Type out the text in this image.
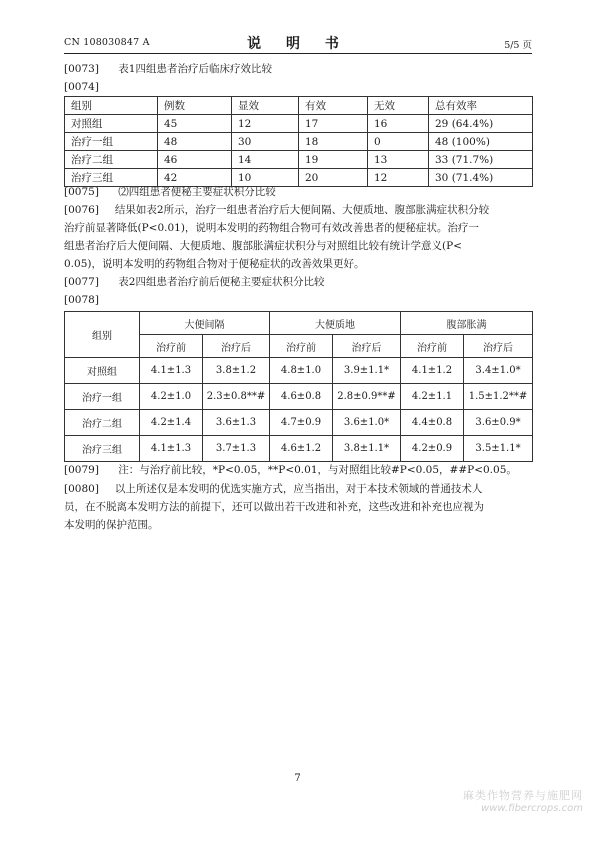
CN 108030847 A	说 明 书	5/5 页
[0073] 表1四组患者治疗后临床疗效比较
[0074]
组别	例数	显效	有效	无效	总有效率
对照组	45	12	17	16	29 (64.4%)
治疗一组	48	30	18	0	48 (100%)
治疗二组	46	14	19	13	33 (71.7%)
治疗三组	42	10	20	12	30 (71.4%)
[0075] ⑵四组患者便秘主要症状积分比较
[0076] 结果如表2所示，治疗一组患者治疗后大便间隔、大便质地、腹部胀满症状积分较
治疗前显著降低(P<0.01)，说明本发明的药物组合物可有效改善患者的便秘症状。治疗一
组患者治疗后大便间隔、大便质地、腹部胀满症状积分与对照组比较有统计学意义(P<
0.05)，说明本发明的药物组合物对于便秘症状的改善效果更好。
[0077] 表2四组患者治疗前后便秘主要症状积分比较
[0078]
组别	大便间隔		大便质地		腹部胀满	
	治疗前	治疗后	治疗前	治疗后	治疗前	治疗后
对照组	4.1±1.3	3.8±1.2	4.8±1.0	3.9±1.1*	4.1±1.2	3.4±1.0*
治疗一组	4.2±1.0	2.3±0.8**#	4.6±0.8	2.8±0.9**#	4.2±1.1	1.5±1.2**#
治疗二组	4.2±1.4	3.6±1.3	4.7±0.9	3.6±1.0*	4.4±0.8	3.6±0.9*
治疗三组	4.1±1.3	3.7±1.3	4.6±1.2	3.8±1.1*	4.2±0.9	3.5±1.1*
[0079] 注：与治疗前比较，*P<0.05，**P<0.01，与对照组比较#P<0.05，##P<0.05。
[0080] 以上所述仅是本发明的优选实施方式，应当指出，对于本技术领域的普通技术人
员，在不脱离本发明方法的前提下，还可以做出若干改进和补充，这些改进和补充也应视为
本发明的保护范围。
7
麻类作物营养与施肥网
www.fibercrops.com
